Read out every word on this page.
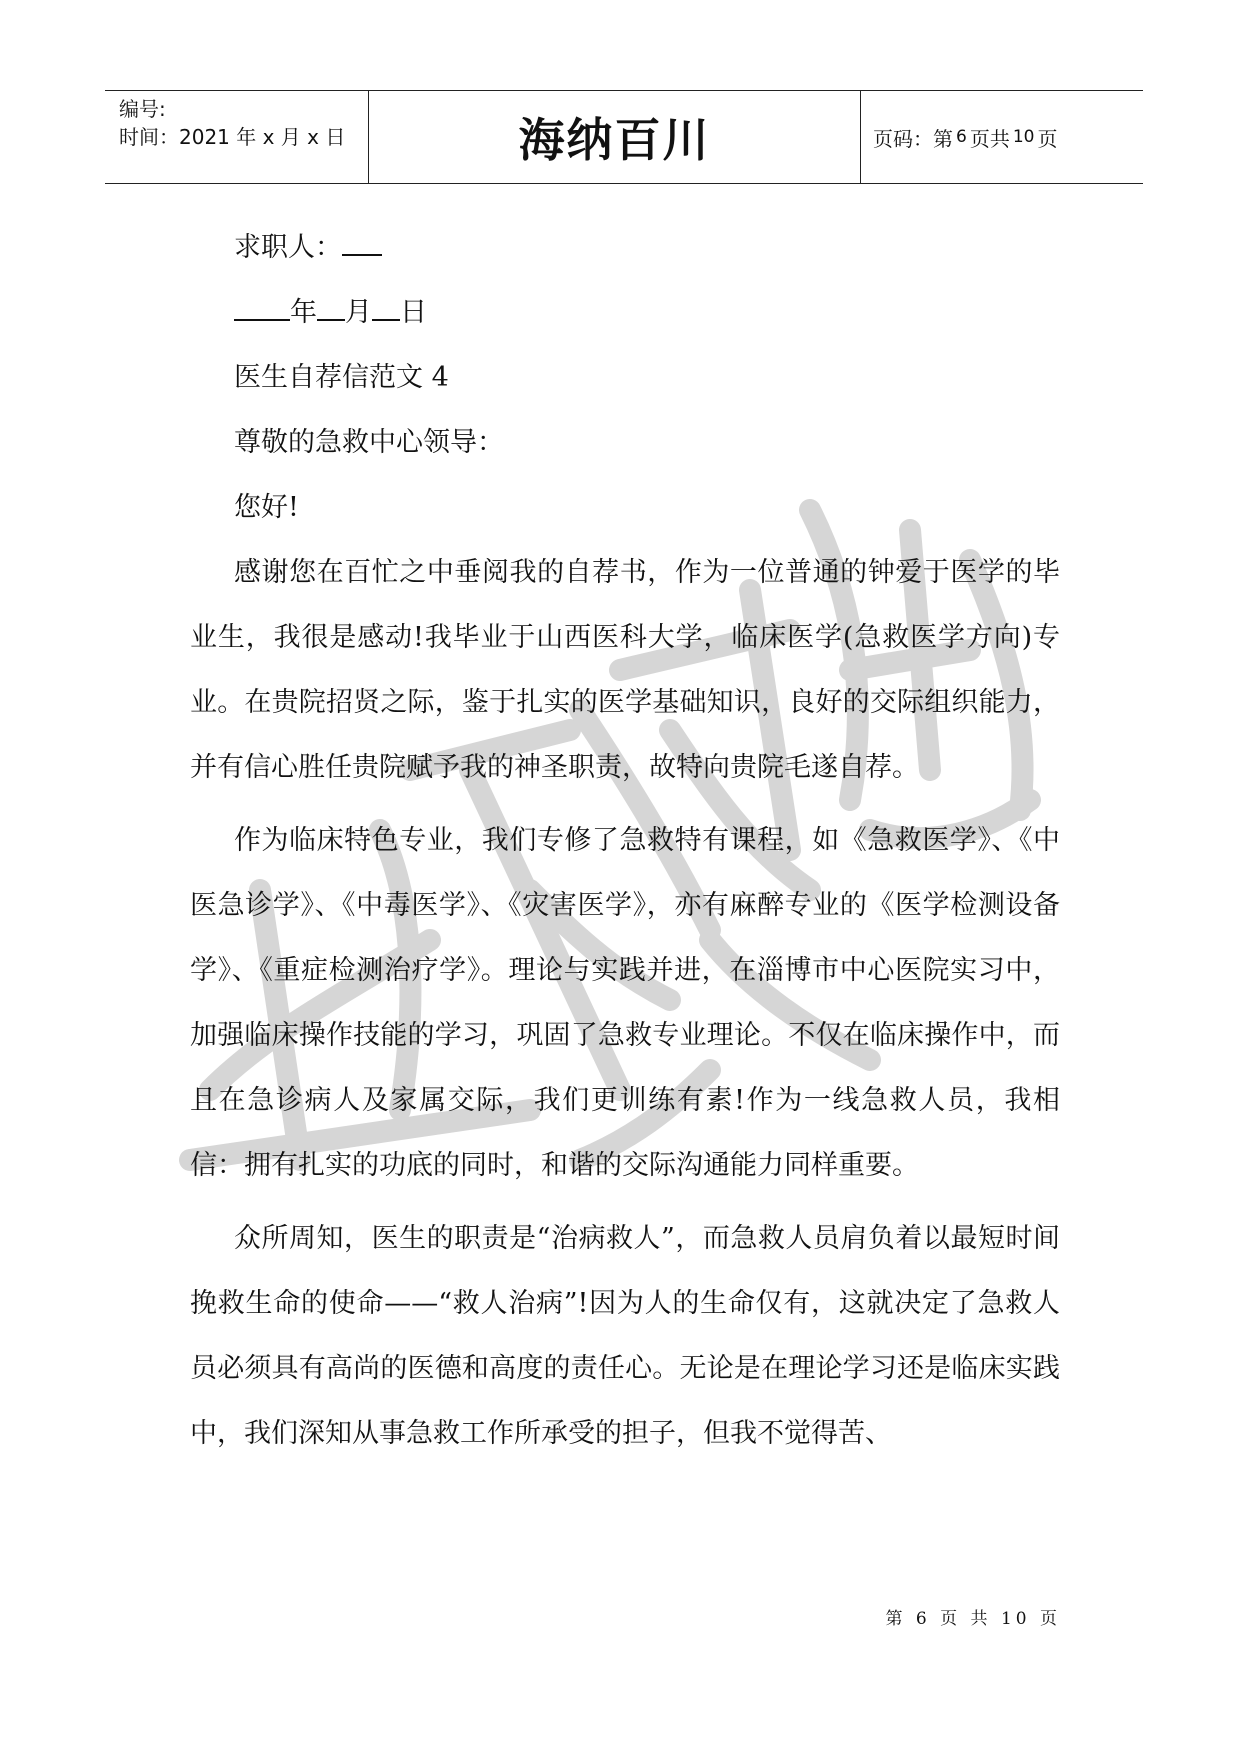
编号:
时间：2021 年 x 月 x 日	海纳百川	页码：第 6 页共 10 页
求职人：
年 月 日
医生自荐信范文 4
尊敬的急救中心领导：
您好!
感谢您在百忙之中垂阅我的自荐书，作为一位普通的钟爱于医学的毕业生，我很是感动!我毕业于山西医科大学，临床医学(急救医学方向)专业。在贵院招贤之际，鉴于扎实的医学基础知识，良好的交际组织能力，并有信心胜任贵院赋予我的神圣职责，故特向贵院毛遂自荐。
作为临床特色专业，我们专修了急救特有课程，如《急救医学》、《中医急诊学》、《中毒医学》、《灾害医学》，亦有麻醉专业的《医学检测设备学》、《重症检测治疗学》。理论与实践并进，在淄博市中心医院实习中，加强临床操作技能的学习，巩固了急救专业理论。不仅在临床操作中，而且在急诊病人及家属交际，我们更训练有素!作为一线急救人员，我相信：拥有扎实的功底的同时，和谐的交际沟通能力同样重要。
众所周知，医生的职责是“治病救人”，而急救人员肩负着以最短时间挽救生命的使命——“救人治病”!因为人的生命仅有，这就决定了急救人员必须具有高尚的医德和高度的责任心。无论是在理论学习还是临床实践中，我们深知从事急救工作所承受的担子，但我不觉得苦、
第 6 页 共 10 页
